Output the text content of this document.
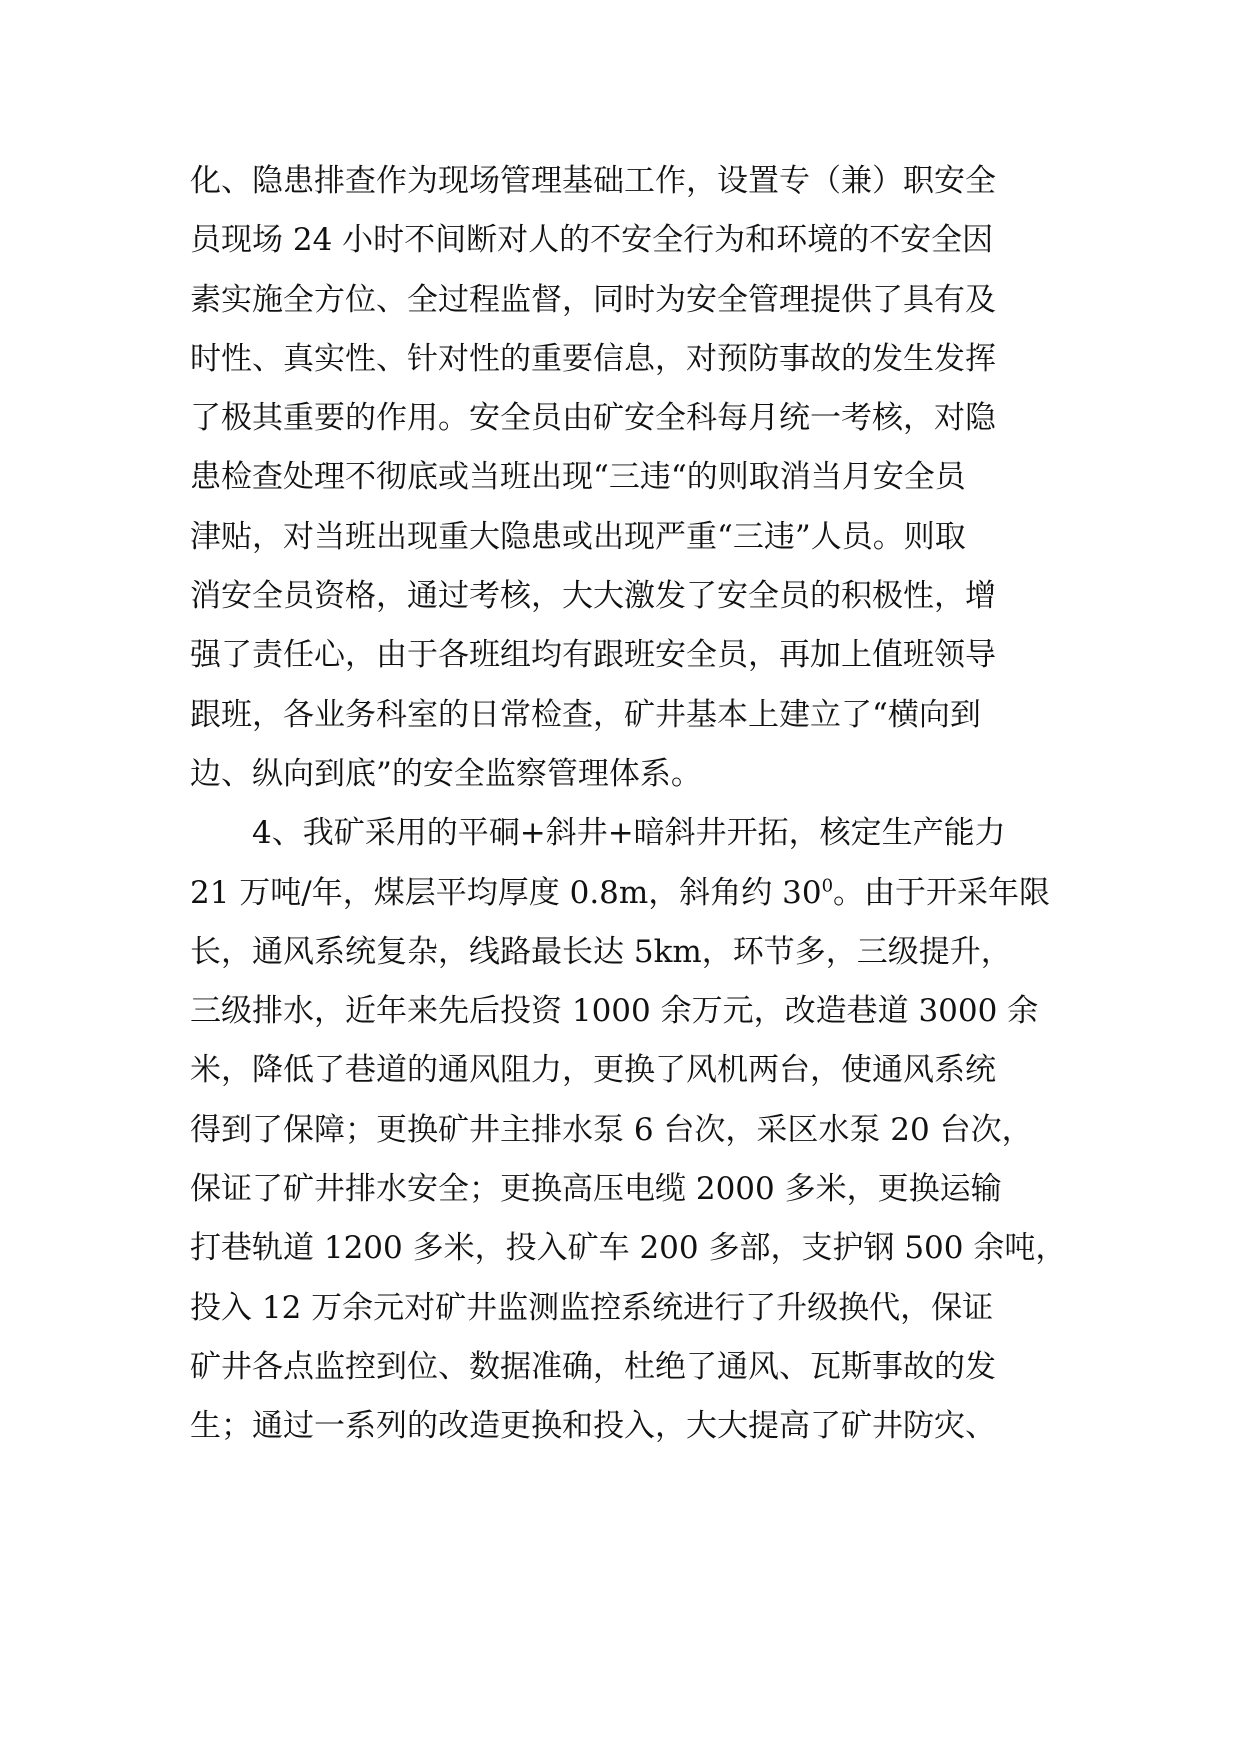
化、隐患排查作为现场管理基础工作，设置专（兼）职安全
员现场 24 小时不间断对人的不安全行为和环境的不安全因
素实施全方位、全过程监督，同时为安全管理提供了具有及
时性、真实性、针对性的重要信息，对预防事故的发生发挥
了极其重要的作用。安全员由矿安全科每月统一考核，对隐
患检查处理不彻底或当班出现“三违“的则取消当月安全员
津贴，对当班出现重大隐患或出现严重“三违”人员。则取
消安全员资格，通过考核，大大激发了安全员的积极性，增
强了责任心，由于各班组均有跟班安全员，再加上值班领导
跟班，各业务科室的日常检查，矿井基本上建立了“横向到
边、纵向到底”的安全监察管理体系。
4、我矿采用的平硐+斜井+暗斜井开拓，核定生产能力
21 万吨/年，煤层平均厚度 0.8m，斜角约 $30^0$。由于开采年限
长，通风系统复杂，线路最长达 5km，环节多，三级提升，
三级排水，近年来先后投资 1000 余万元，改造巷道 3000 余
米，降低了巷道的通风阻力，更换了风机两台，使通风系统
得到了保障；更换矿井主排水泵 6 台次，采区水泵 20 台次，
保证了矿井排水安全；更换高压电缆 2000 多米，更换运输
打巷轨道 1200 多米，投入矿车 200 多部，支护钢 500 余吨，
投入 12 万余元对矿井监测监控系统进行了升级换代，保证
矿井各点监控到位、数据准确，杜绝了通风、瓦斯事故的发
生；通过一系列的改造更换和投入，大大提高了矿井防灾、
